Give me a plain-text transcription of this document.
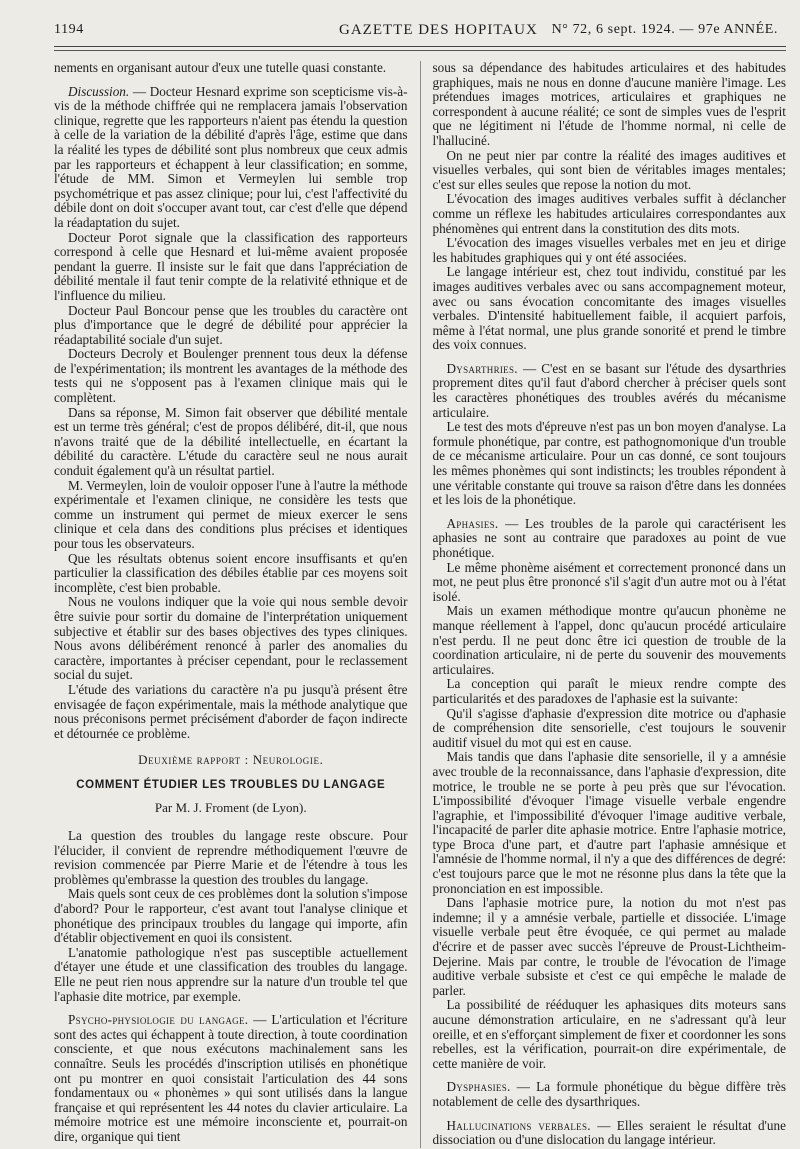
1194	GAZETTE DES HOPITAUX N° 72, 6 sept. 1924. — 97e ANNÉE.

nements en organisant autour d'eux une tutelle quasi constante.

Discussion. — Docteur Hesnard exprime son scepticisme vis-à-vis de la méthode chiffrée qui ne remplacera jamais l'observation clinique, regrette que les rapporteurs n'aient pas étendu la question à celle de la variation de la débilité d'après l'âge, estime que dans la réalité les types de débilité sont plus nombreux que ceux admis par les rapporteurs et échappent à leur classification; en somme, l'étude de MM. Simon et Vermeylen lui semble trop psychométrique et pas assez clinique; pour lui, c'est l'affectivité du débile dont on doit s'occuper avant tout, car c'est d'elle que dépend la réadaptation du sujet.

Docteur Porot signale que la classification des rapporteurs correspond à celle que Hesnard et lui-même avaient proposée pendant la guerre. Il insiste sur le fait que dans l'appréciation de débilité mentale il faut tenir compte de la relativité ethnique et de l'influence du milieu.

Docteur Paul Boncour pense que les troubles du caractère ont plus d'importance que le degré de débilité pour apprécier la réadaptabilité sociale d'un sujet.

Docteurs Decroly et Boulenger prennent tous deux la défense de l'expérimentation; ils montrent les avantages de la méthode des tests qui ne s'opposent pas à l'examen clinique mais qui le complètent.

Dans sa réponse, M. Simon fait observer que débilité mentale est un terme très général; c'est de propos délibéré, dit-il, que nous n'avons traité que de la débilité intellectuelle, en écartant la débilité du caractère. L'étude du caractère seul ne nous aurait conduit également qu'à un résultat partiel.

M. Vermeylen, loin de vouloir opposer l'une à l'autre la méthode expérimentale et l'examen clinique, ne considère les tests que comme un instrument qui permet de mieux exercer le sens clinique et cela dans des conditions plus précises et identiques pour tous les observateurs.

Que les résultats obtenus soient encore insuffisants et qu'en particulier la classification des débiles établie par ces moyens soit incomplète, c'est bien probable.

Nous ne voulons indiquer que la voie qui nous semble devoir être suivie pour sortir du domaine de l'interprétation uniquement subjective et établir sur des bases objectives des types cliniques. Nous avons délibérément renoncé à parler des anomalies du caractère, importantes à préciser cependant, pour le reclassement social du sujet.

L'étude des variations du caractère n'a pu jusqu'à présent être envisagée de façon expérimentale, mais la méthode analytique que nous préconisons permet précisément d'aborder de façon indirecte et détournée ce problème.

Deuxième rapport : Neurologie.
COMMENT ÉTUDIER LES TROUBLES DU LANGAGE
Par M. J. Froment (de Lyon).

La question des troubles du langage reste obscure. Pour l'élucider, il convient de reprendre méthodiquement l'œuvre de revision commencée par Pierre Marie et de l'étendre à tous les problèmes qu'embrasse la question des troubles du langage.

Mais quels sont ceux de ces problèmes dont la solution s'impose d'abord? Pour le rapporteur, c'est avant tout l'analyse clinique et phonétique des principaux troubles du langage qui importe, afin d'établir objectivement en quoi ils consistent.

L'anatomie pathologique n'est pas susceptible actuellement d'étayer une étude et une classification des troubles du langage. Elle ne peut rien nous apprendre sur la nature d'un trouble tel que l'aphasie dite motrice, par exemple.

Psycho-physiologie du langage. — L'articulation et l'écriture sont des actes qui échappent à toute direction, à toute coordination consciente, et que nous exécutons machinalement sans les connaître. Seuls les procédés d'inscription utilisés en phonétique ont pu montrer en quoi consistait l'articulation des 44 sons fondamentaux ou « phonèmes » qui sont utilisés dans la langue française et qui représentent les 44 notes du clavier articulaire. La mémoire motrice est une mémoire inconsciente et, pourrait-on dire, organique qui tient

sous sa dépendance des habitudes articulaires et des habitudes graphiques, mais ne nous en donne d'aucune manière l'image. Les prétendues images motrices, articulaires et graphiques ne correspondent à aucune réalité; ce sont de simples vues de l'esprit que ne légitiment ni l'étude de l'homme normal, ni celle de l'halluciné.

On ne peut nier par contre la réalité des images auditives et visuelles verbales, qui sont bien de véritables images mentales; c'est sur elles seules que repose la notion du mot.

L'évocation des images auditives verbales suffit à déclancher comme un réflexe les habitudes articulaires correspondantes aux phénomènes qui entrent dans la constitution des dits mots.

L'évocation des images visuelles verbales met en jeu et dirige les habitudes graphiques qui y ont été associées.

Le langage intérieur est, chez tout individu, constitué par les images auditives verbales avec ou sans accompagnement moteur, avec ou sans évocation concomitante des images visuelles verbales. D'intensité habituellement faible, il acquiert parfois, même à l'état normal, une plus grande sonorité et prend le timbre des voix connues.

Dysarthries. — C'est en se basant sur l'étude des dysarthries proprement dites qu'il faut d'abord chercher à préciser quels sont les caractères phonétiques des troubles avérés du mécanisme articulaire.

Le test des mots d'épreuve n'est pas un bon moyen d'analyse. La formule phonétique, par contre, est pathognomonique d'un trouble de ce mécanisme articulaire. Pour un cas donné, ce sont toujours les mêmes phonèmes qui sont indistincts; les troubles répondent à une véritable constante qui trouve sa raison d'être dans les données et les lois de la phonétique.

Aphasies. — Les troubles de la parole qui caractérisent les aphasies ne sont au contraire que paradoxes au point de vue phonétique.

Le même phonème aisément et correctement prononcé dans un mot, ne peut plus être prononcé s'il s'agit d'un autre mot ou à l'état isolé.

Mais un examen méthodique montre qu'aucun phonème ne manque réellement à l'appel, donc qu'aucun procédé articulaire n'est perdu. Il ne peut donc être ici question de trouble de la coordination articulaire, ni de perte du souvenir des mouvements articulaires.

La conception qui paraît le mieux rendre compte des particularités et des paradoxes de l'aphasie est la suivante:

Qu'il s'agisse d'aphasie d'expression dite motrice ou d'aphasie de compréhension dite sensorielle, c'est toujours le souvenir auditif visuel du mot qui est en cause.

Mais tandis que dans l'aphasie dite sensorielle, il y a amnésie avec trouble de la reconnaissance, dans l'aphasie d'expression, dite motrice, le trouble ne se porte à peu près que sur l'évocation. L'impossibilité d'évoquer l'image visuelle verbale engendre l'agraphie, et l'impossibilité d'évoquer l'image auditive verbale, l'incapacité de parler dite aphasie motrice. Entre l'aphasie motrice, type Broca d'une part, et d'autre part l'aphasie amnésique et l'amnésie de l'homme normal, il n'y a que des différences de degré: c'est toujours parce que le mot ne résonne plus dans la tête que la prononciation en est impossible.

Dans l'aphasie motrice pure, la notion du mot n'est pas indemne; il y a amnésie verbale, partielle et dissociée. L'image visuelle verbale peut être évoquée, ce qui permet au malade d'écrire et de passer avec succès l'épreuve de Proust-Lichtheim-Dejerine. Mais par contre, le trouble de l'évocation de l'image auditive verbale subsiste et c'est ce qui empêche le malade de parler.

La possibilité de rééduquer les aphasiques dits moteurs sans aucune démonstration articulaire, en ne s'adressant qu'à leur oreille, et en s'efforçant simplement de fixer et coordonner les sons rebelles, est la vérification, pourrait-on dire expérimentale, de cette manière de voir.

Dysphasies. — La formule phonétique du bègue diffère très notablement de celle des dysarthriques.

Hallucinations verbales. — Elles seraient le résultat d'une dissociation ou d'une dislocation du langage intérieur.
